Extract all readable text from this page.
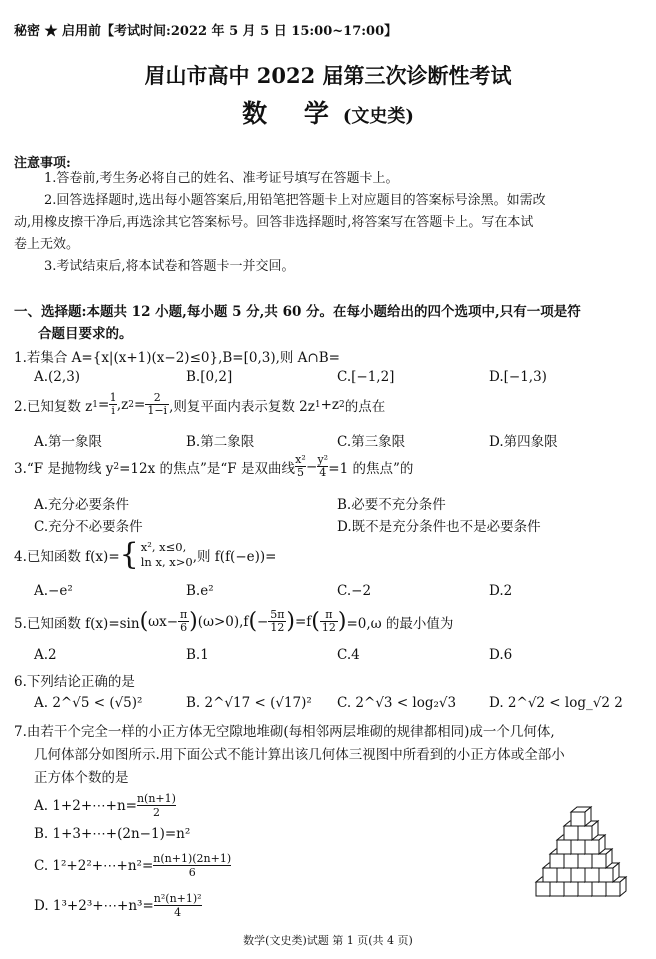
秘密 ★ 启用前【考试时间:2022 年 5 月 5 日 15:00~17:00】
眉山市高中 2022 届第三次诊断性考试
数 学(文史类)
注意事项:
1.答卷前,考生务必将自己的姓名、准考证号填写在答题卡上。
2.回答选择题时,选出每小题答案后,用铅笔把答题卡上对应题目的答案标号涂黑。如需改
动,用橡皮擦干净后,再选涂其它答案标号。回答非选择题时,将答案写在答题卡上。写在本试
卷上无效。
3.考试结束后,将本试卷和答题卡一并交回。
一、选择题:本题共 12 小题,每小题 5 分,共 60 分。在每小题给出的四个选项中,只有一项是符
合题目要求的。
1.若集合 A={x|(x+1)(x−2)≤0},B=[0,3),则 A∩B=
A.(2,3)	B.[0,2]	C.[−1,2]	D.[−1,3)
2.已知复数 z $1 = \frac{1}{i} ,z$ $2 = \frac{2}{1-i}$ ,则复平面内表示复数 2z 1 +z 2 的点在
A.第一象限	B.第二象限	C.第三象限	D.第四象限
3.“F 是抛物线 y 2 =12x 的焦点”是“F 是双曲线 $\frac{\text{x²}}{5} - \frac{\text{y²}}{4} =1$ 的焦点”的
A.充分必要条件	B.必要不充分条件
C.充分不必要条件	D.既不是充分条件也不是必要条件
4.已知函数 f(x)= { x², x≤0,
ln x, x>0 ,则 f(f(−e))=
A.−e²	B.e²	C.−2	D.2
5.已知函数 f(x)=sin ( $\omega x- \frac{\pi}{6}$ ) (ω>0),f ( − $\frac{5\pi}{12}$ ) =f ( $\frac{\pi}{12}$ ) =0,ω 的最小值为
A.2	B.1	C.4	D.6
6.下列结论正确的是
A. 2^√5 < (√5)²	B. 2^√17 < (√17)² C. 2^√3 < log₂√3 D. 2^√2 < log_√2 2
7.由若干个完全一样的小正方体无空隙地堆砌(每相邻两层堆砌的规律都相同)成一个几何体,
几何体部分如图所示.用下面公式不能计算出该几何体三视图中所看到的小正方体或全部小
正方体个数的是
A. 1+2+⋯+n= $\frac{n(n+1)}{2}$
B. 1+3+⋯+(2n−1)=n²
C. 1²+2²+⋯+n²= $\frac{n(n+1)(2n+1)}{6}$
D. 1³+2³+⋯+n³= $\frac{\text{n²(n+1)²}}{4}$
数学(文史类)试题 第 1 页(共 4 页)
